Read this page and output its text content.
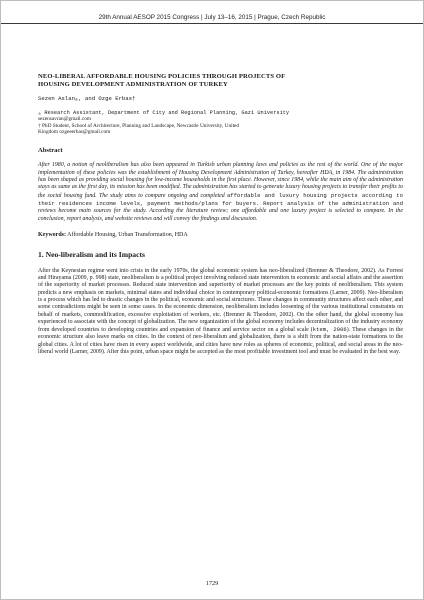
29th Annual AESOP 2015 Congress | July 13–16, 2015 | Prague, Czech Republic
NEO-LIBERAL AFFORDABLE HOUSING POLICIES THROUGH PROJECTS OF
HOUSING DEVELOPMENT ADMINISTRATION OF TURKEY
Sezen Aslanₐ, and Ozge Erbas†
ₐ Research Assistant, Department of City and Regional Planning, Gazi University
sezensavran@gmail.com
† PhD Student, School of Architecture, Planning and Landscape, Newcastle University, United
Kingdom ozgeeerbas@gmail.com
Abstract
After 1980, a notion of neoliberalism has also been appeared in Turkish urban planning laws and policies as the rest of the world. One of the major implementation of these policies was the establishment of Housing Development Administration of Turkey, hereafter HDA, in 1984. The administration has been shaped as providing social housing for low-income households in the first place. However, since 1984, while the main aim of the administration stays as same as the first day, its mission has been modified. The administration has started to generate luxury housing projects to transfer their profits to the social housing fund. The study aims to compare ongoing and completed affordable and luxury housing projects according to their residences income levels, payment methods/plans for buyers. Report analysis of the administration and reviews become main sources for the study. According the literature review; one affordable and one luxury project is selected to compare. In the conclusion, report analysis, and website reviews and will convey the findings and discussion.
Keywords: Affordable Housing, Urban Transformation, HDA
1. Neo-liberalism and its Impacts
After the Keynesian regime went into crisis in the early 1970s, the global economic system has neo-liberalized (Brenner & Theodore, 2002). As Forrest and Hirayama (2009, p. 998) state, neoliberalism is a political project involving reduced state intervention in economic and social affairs and the assertion of the superiority of market processes. Reduced state intervention and superiority of market processes are the key points of neoliberalism. This system predicts a new emphasis on markets, minimal states and individual choice in contemporary political-economic formations (Larner, 2009). Neo-liberalism is a process which has led to drastic changes in the political, economic and social structures. These changes in community structures affect each other, and some contradictions might be seen in some cases. In the economic dimension, neoliberalism includes loosening of the various institutional constraints on behalf of markets, commodification, excessive exploitation of workers, etc. (Brenner & Theodore, 2002). On the other hand, the global economy has experienced to associate with the concept of globalization. The new organization of the global economy includes decentralization of the industry economy from developed countries to developing countries and expansion of finance and service sector on a global scale (ktem, 2006). These changes in the economic structure also leave marks on cities. In the context of neo-liberalism and globalization, there is a shift from the nation-state formations to the global cities. A lot of cities have risen in every aspect worldwide, and cities have new roles as spheres of economic, political, and social areas in the neo-liberal world (Larner, 2009). After this point, urban space might be accepted as the most profitable investment tool and must be evaluated in the best way.
1729
